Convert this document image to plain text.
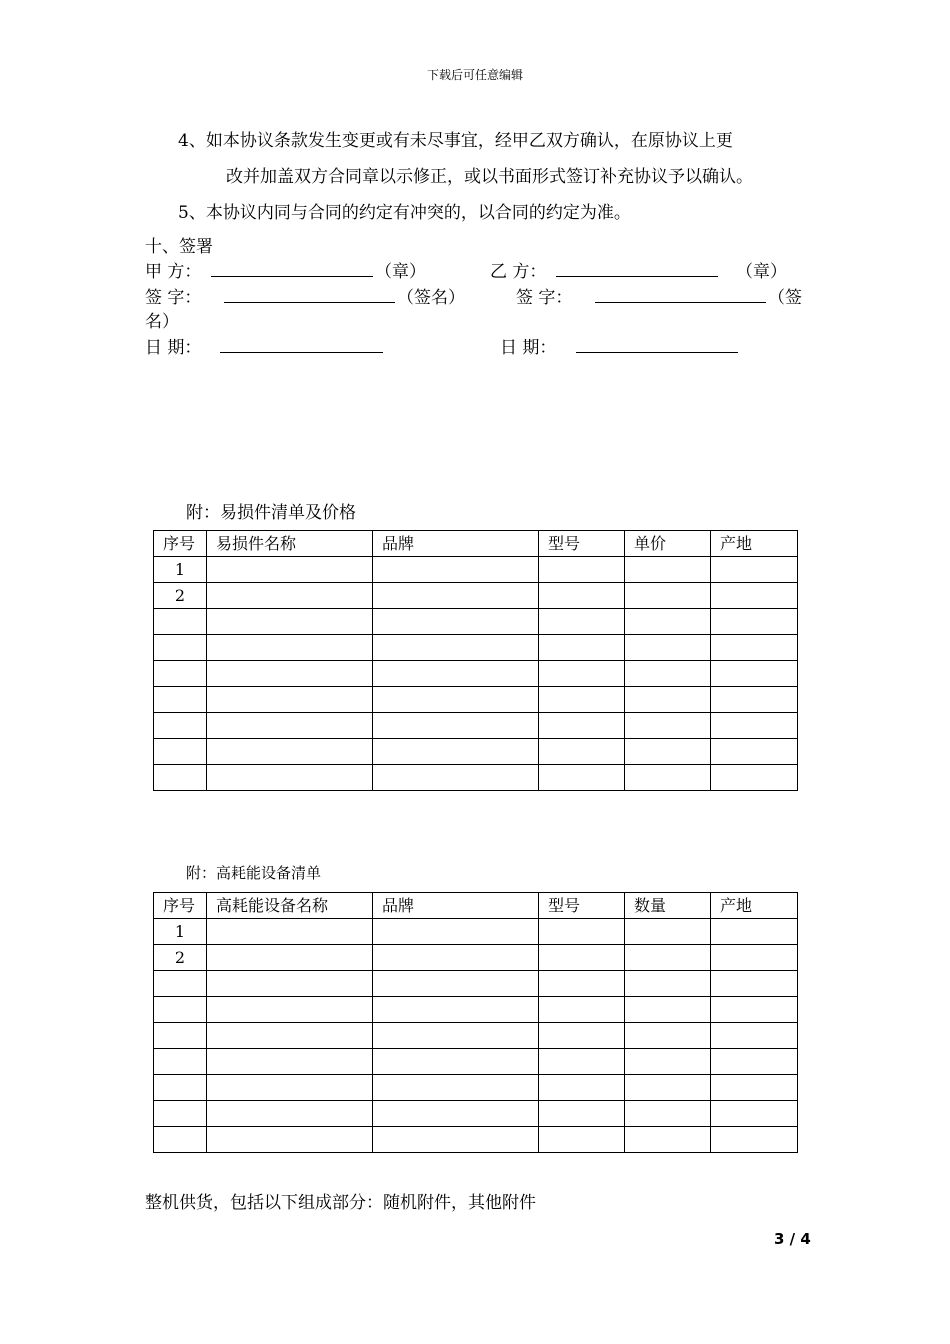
下载后可任意编辑
4、如本协议条款发生变更或有未尽事宜，经甲乙双方确认，在原协议上更
改并加盖双方合同章以示修正，或以书面形式签订补充协议予以确认。
5、本协议内同与合同的约定有冲突的，以合同的约定为准。
十、签署
甲 方：	（章）	乙 方：	（章）
签 字：	（签名）	签 字：	（签
名）
日 期：	日 期：
附：易损件清单及价格
序号	易损件名称	品牌	型号	单价	产地
1					
2					

附：高耗能设备清单
序号	高耗能设备名称	品牌	型号	数量	产地
1					
2					

整机供货，包括以下组成部分：随机附件，其他附件
3 / 4
